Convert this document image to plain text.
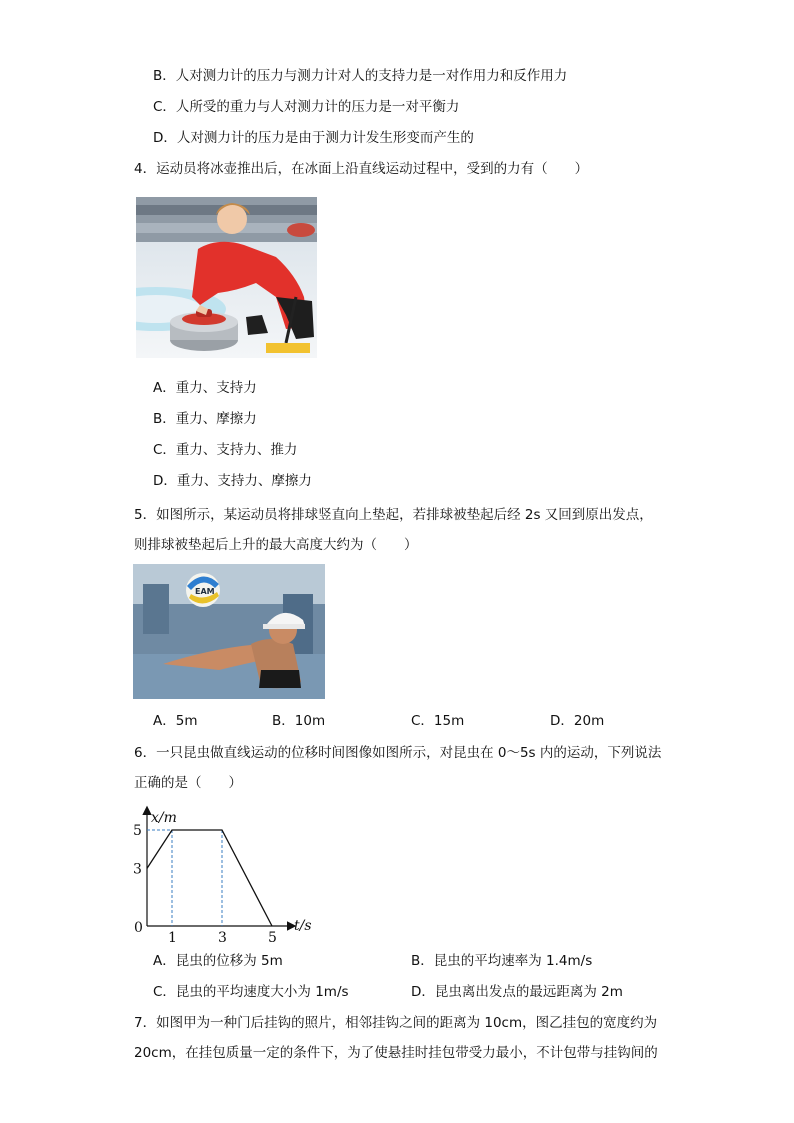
B．人对测力计的压力与测力计对人的支持力是一对作用力和反作用力
C．人所受的重力与人对测力计的压力是一对平衡力
D．人对测力计的压力是由于测力计发生形变而产生的
4．运动员将冰壶推出后，在冰面上沿直线运动过程中，受到的力有（　　）
A．重力、支持力
B．重力、摩擦力
C．重力、支持力、推力
D．重力、支持力、摩擦力
5．如图所示，某运动员将排球竖直向上垫起，若排球被垫起后经 2s 又回到原出发点，
则排球被垫起后上升的最大高度大约为（　　）
EAM
A．5m	B．10m	C．15m	D．20m
6．一只昆虫做直线运动的位移时间图像如图所示，对昆虫在 0～5s 内的运动，下列说法
正确的是（　　）
1	3	5
3
5
x/m
t/s
0
A．昆虫的位移为 5m	B．昆虫的平均速率为 1.4m/s
C．昆虫的平均速度大小为 1m/s	D．昆虫离出发点的最远距离为 2m
7．如图甲为一种门后挂钩的照片，相邻挂钩之间的距离为 10cm，图乙挂包的宽度约为
20cm，在挂包质量一定的条件下，为了使悬挂时挂包带受力最小，不计包带与挂钩间的
